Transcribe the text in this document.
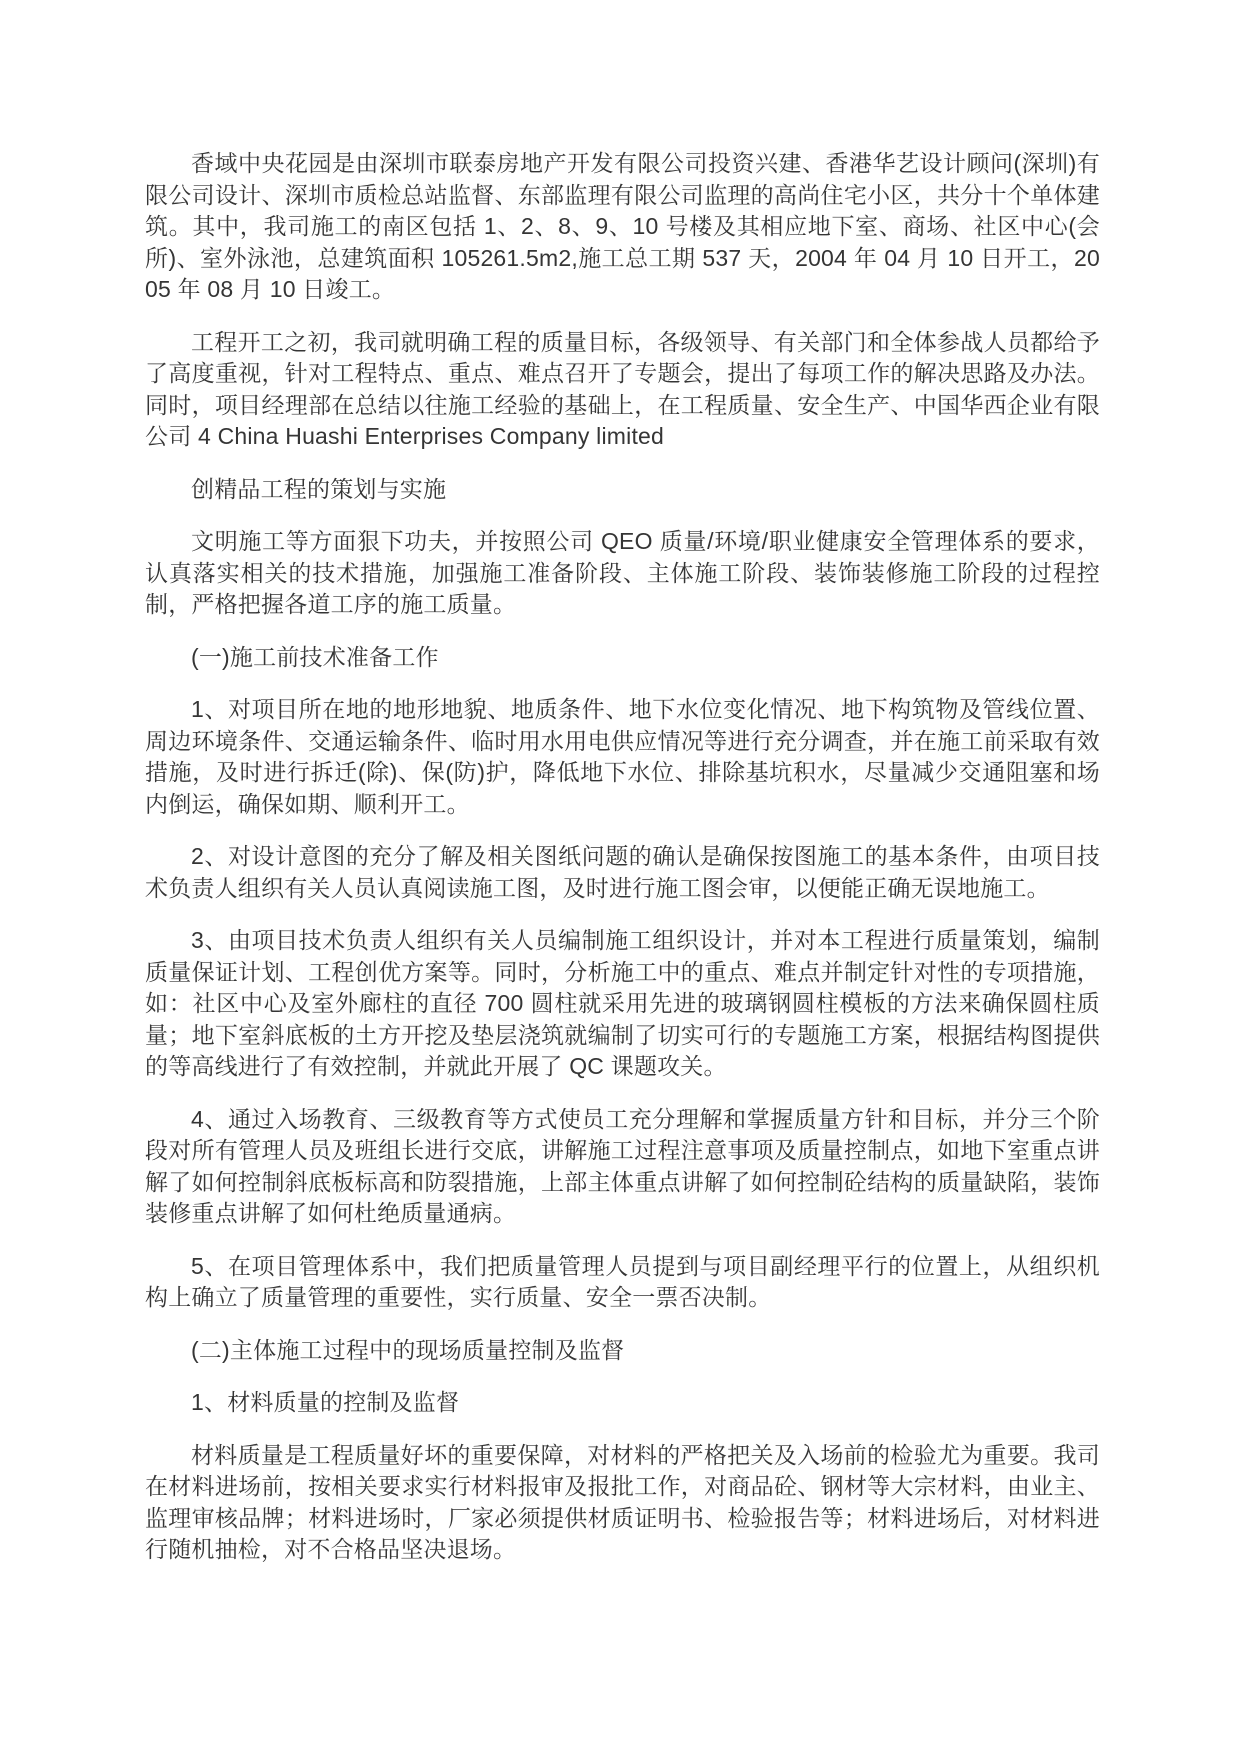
香域中央花园是由深圳市联泰房地产开发有限公司投资兴建、香港华艺设计顾问(深圳)有限公司设计、深圳市质检总站监督、东部监理有限公司监理的高尚住宅小区，共分十个单体建筑。其中，我司施工的南区包括 1、2、8、9、10 号楼及其相应地下室、商场、社区中心(会所)、室外泳池，总建筑面积 105261.5m2,施工总工期 537 天，2004 年 04 月 10 日开工，2005 年 08 月 10 日竣工。

工程开工之初，我司就明确工程的质量目标，各级领导、有关部门和全体参战人员都给予了高度重视，针对工程特点、重点、难点召开了专题会，提出了每项工作的解决思路及办法。同时，项目经理部在总结以往施工经验的基础上，在工程质量、安全生产、中国华西企业有限公司 4 China Huashi Enterprises Company limited

创精品工程的策划与实施

文明施工等方面狠下功夫，并按照公司 QEO 质量/环境/职业健康安全管理体系的要求，认真落实相关的技术措施，加强施工准备阶段、主体施工阶段、装饰装修施工阶段的过程控制，严格把握各道工序的施工质量。

(一)施工前技术准备工作

1、对项目所在地的地形地貌、地质条件、地下水位变化情况、地下构筑物及管线位置、周边环境条件、交通运输条件、临时用水用电供应情况等进行充分调查，并在施工前采取有效措施，及时进行拆迁(除)、保(防)护，降低地下水位、排除基坑积水，尽量减少交通阻塞和场内倒运，确保如期、顺利开工。

2、对设计意图的充分了解及相关图纸问题的确认是确保按图施工的基本条件，由项目技术负责人组织有关人员认真阅读施工图，及时进行施工图会审，以便能正确无误地施工。

3、由项目技术负责人组织有关人员编制施工组织设计，并对本工程进行质量策划，编制质量保证计划、工程创优方案等。同时，分析施工中的重点、难点并制定针对性的专项措施，如：社区中心及室外廊柱的直径 700 圆柱就采用先进的玻璃钢圆柱模板的方法来确保圆柱质量；地下室斜底板的土方开挖及垫层浇筑就编制了切实可行的专题施工方案，根据结构图提供的等高线进行了有效控制，并就此开展了 QC 课题攻关。

4、通过入场教育、三级教育等方式使员工充分理解和掌握质量方针和目标，并分三个阶段对所有管理人员及班组长进行交底，讲解施工过程注意事项及质量控制点，如地下室重点讲解了如何控制斜底板标高和防裂措施，上部主体重点讲解了如何控制砼结构的质量缺陷，装饰装修重点讲解了如何杜绝质量通病。

5、在项目管理体系中，我们把质量管理人员提到与项目副经理平行的位置上，从组织机构上确立了质量管理的重要性，实行质量、安全一票否决制。

(二)主体施工过程中的现场质量控制及监督

1、材料质量的控制及监督

材料质量是工程质量好坏的重要保障，对材料的严格把关及入场前的检验尤为重要。我司在材料进场前，按相关要求实行材料报审及报批工作，对商品砼、钢材等大宗材料，由业主、监理审核品牌；材料进场时，厂家必须提供材质证明书、检验报告等；材料进场后，对材料进行随机抽检，对不合格品坚决退场。
